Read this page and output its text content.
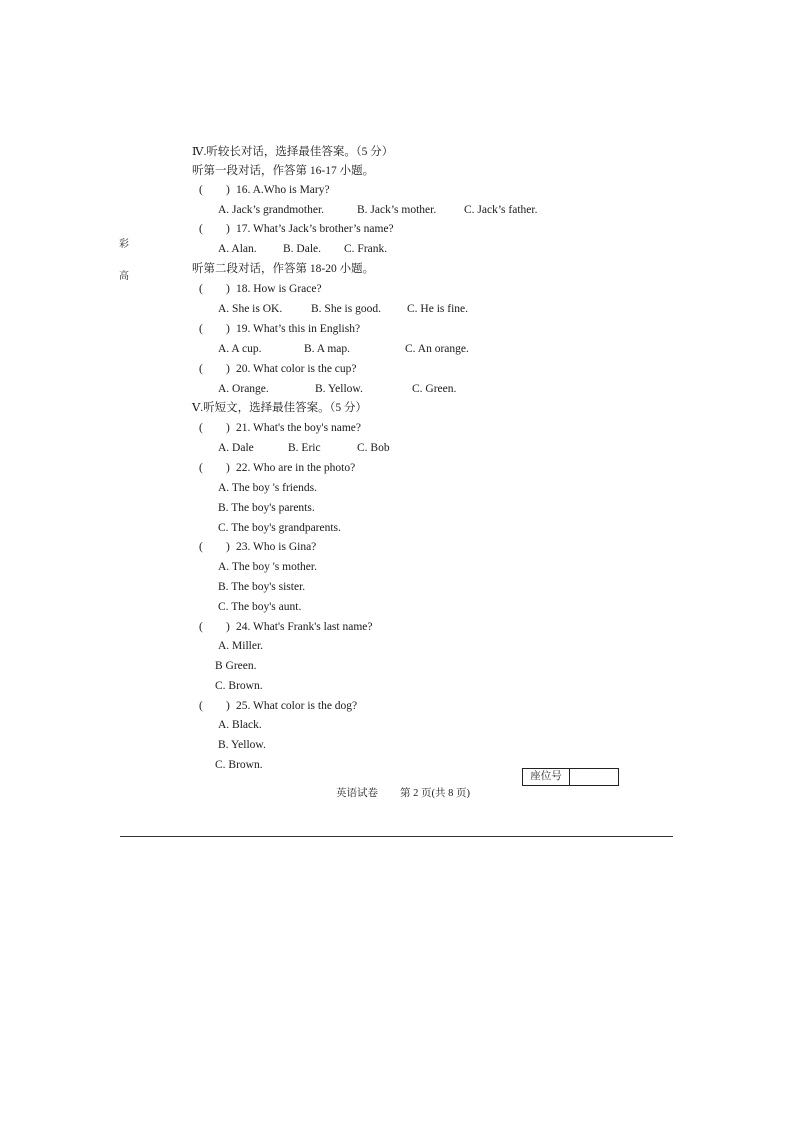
彩
高
Ⅳ.听较长对话，选择最佳答案。（5 分）
听第一段对话，作答第 16-17 小题。
( ) 16. A.Who is Mary?
A. Jack’s grandmother.	B. Jack’s mother. C. Jack’s father.
( ) 17. What’s Jack’s brother’s name?
A. Alan. B. Dale. C. Frank.
听第二段对话，作答第 18-20 小题。
( ) 18. How is Grace?
A. She is OK.	B. She is good. C. He is fine.
( ) 19. What’s this in English?
A. A cup.	B. A map.	C. An orange.
( ) 20. What color is the cup?
A. Orange.	B. Yellow.	C. Green.
Ⅴ.听短文，选择最佳答案。（5 分）
( ) 21. What's the boy's name?
A. Dale	B. Eric	C. Bob
( ) 22. Who are in the photo?
A. The boy 's friends.
B. The boy's parents.
C. The boy's grandparents.
( ) 23. Who is Gina?
A. The boy 's mother.
B. The boy's sister.
C. The boy's aunt.
( ) 24. What's Frank's last name?
A. Miller.
B Green.
C. Brown.
( ) 25. What color is the dog?
A. Black.
B. Yellow.
C. Brown.
座位号
英语试卷 第 2 页(共 8 页)
